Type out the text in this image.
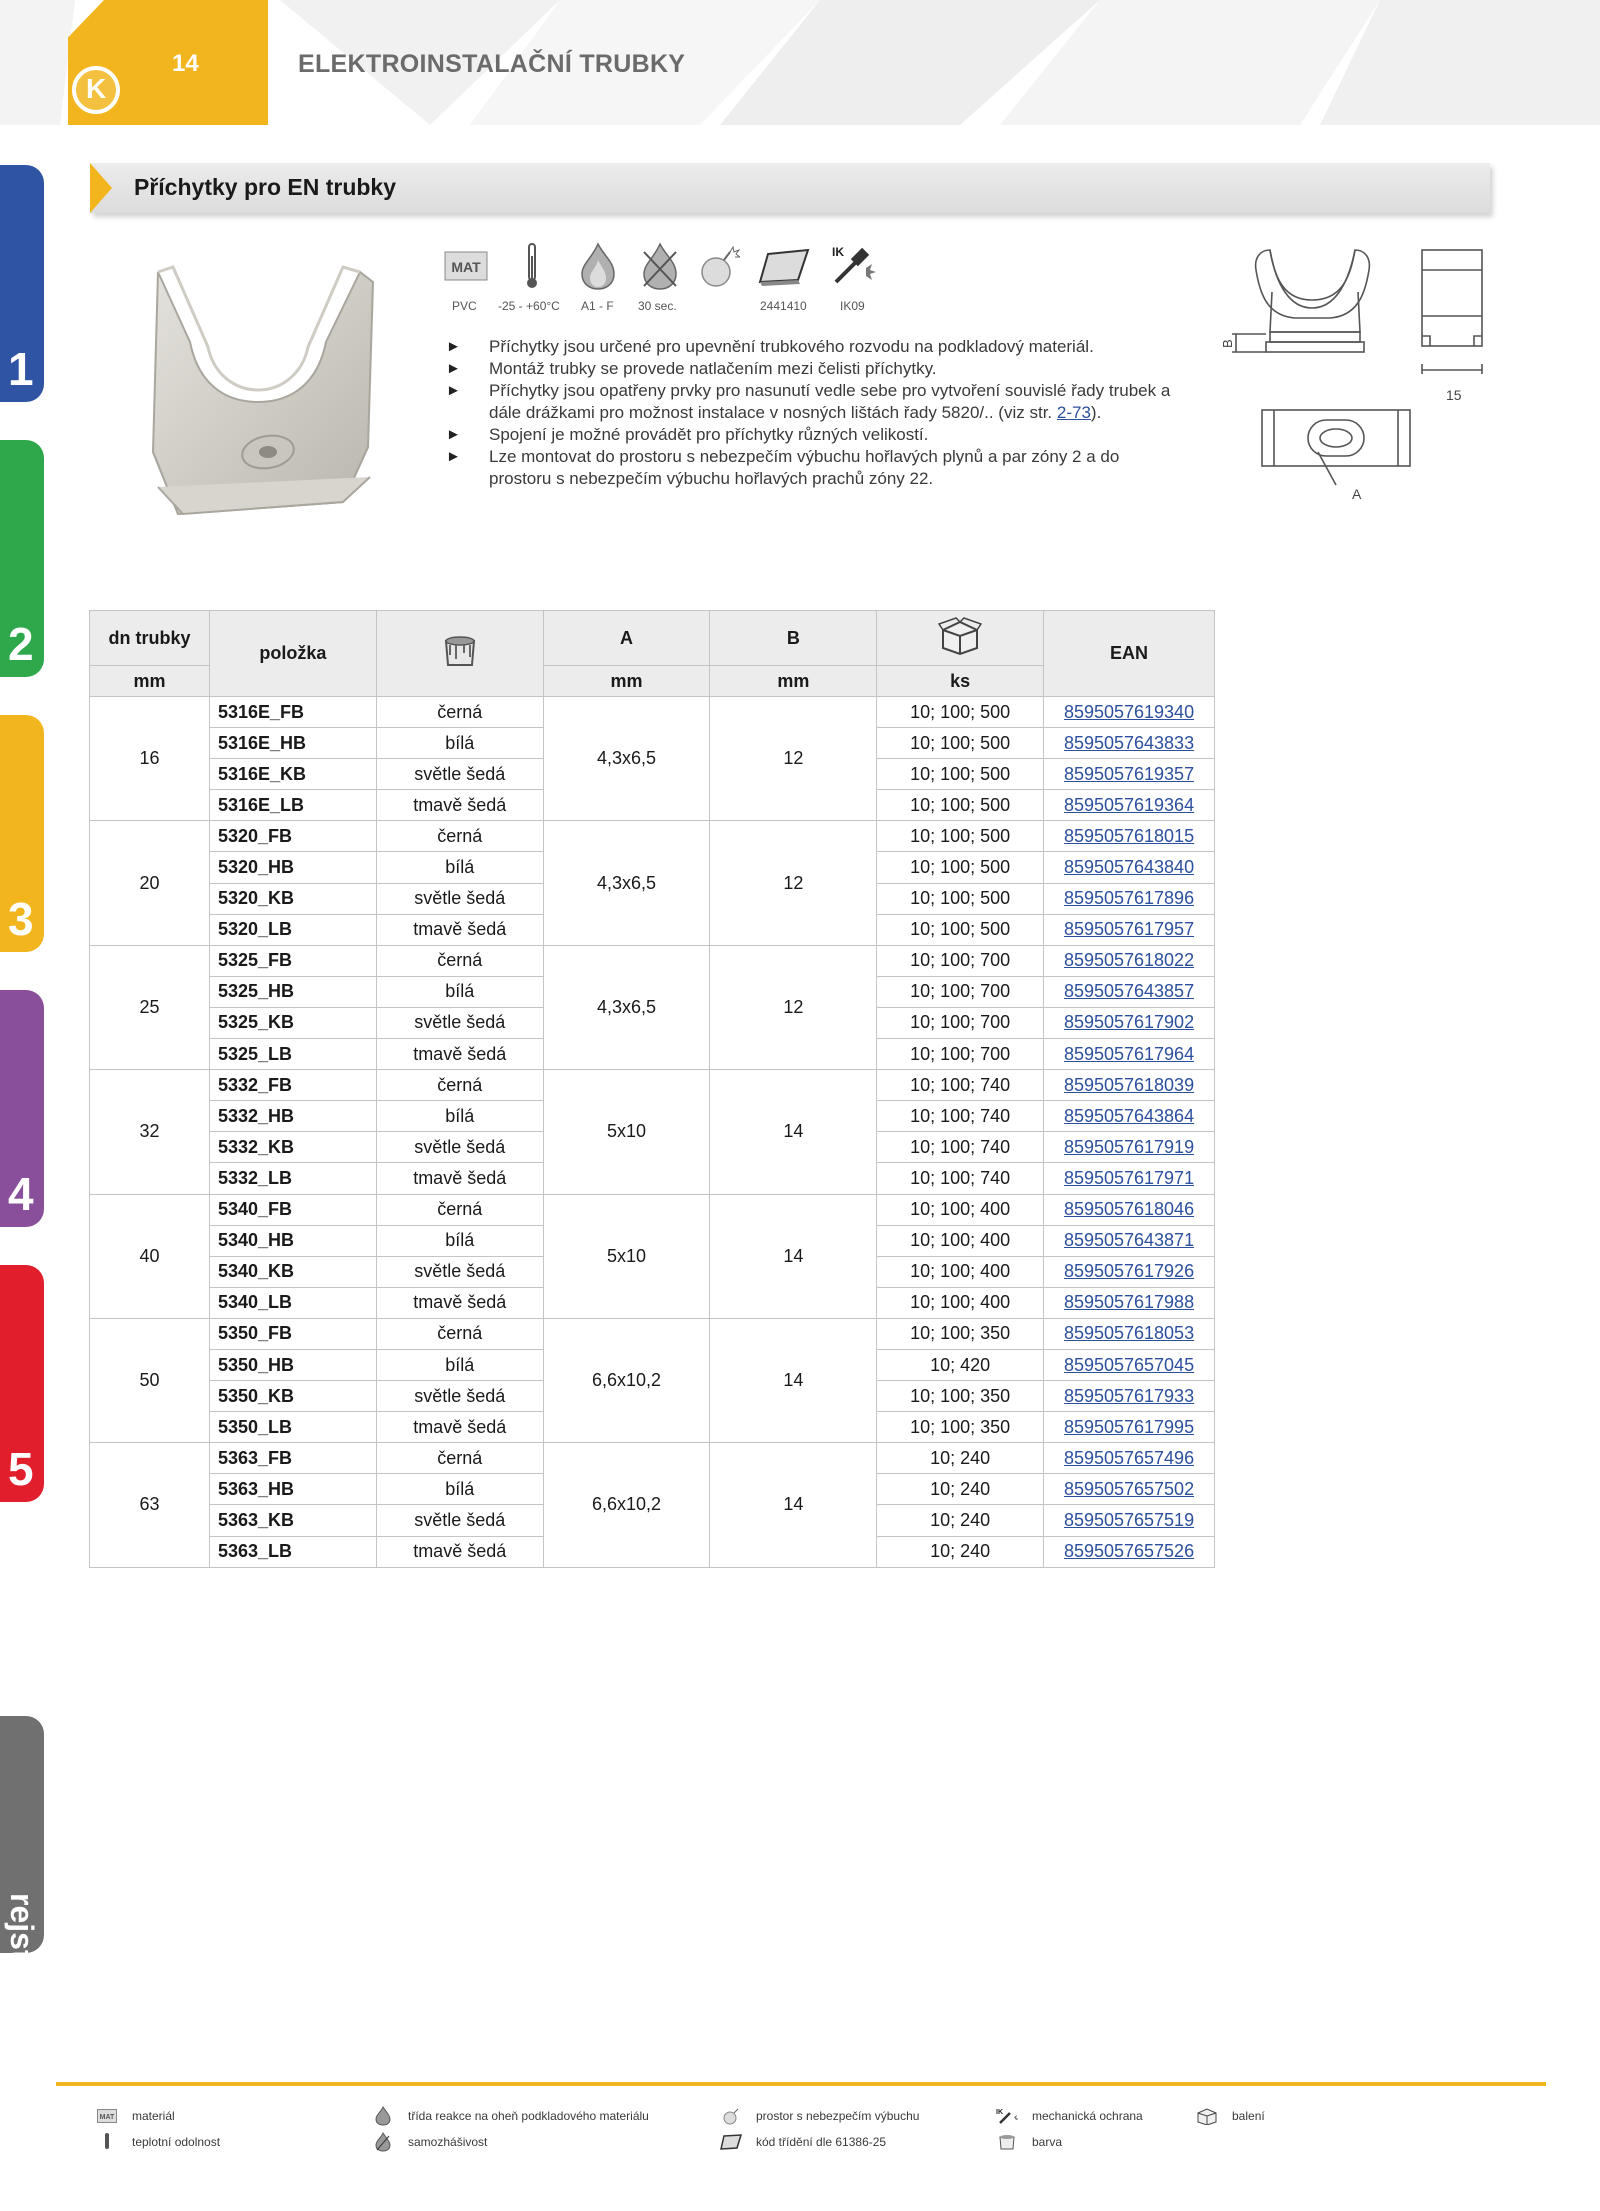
K
14	ELEKTROINSTALAČNÍ TRUBKY
1
2
3
4
5
rejstřík
Příchytky pro EN trubky
MAT
PVC -25 - +60°C A1 - F 30 sec.	2441410
IK
IK09
► Příchytky jsou určené pro upevnění trubkového rozvodu na podkladový materiál.
► Montáž trubky se provede natlačením mezi čelisti příchytky.
► Příchytky jsou opatřeny prvky pro nasunutí vedle sebe pro vytvoření souvislé řady trubek a dále drážkami pro možnost instalace v nosných lištách řady 5820/.. (viz str. 2-73).
► Spojení je možné provádět pro příchytky různých velikostí.
► Lze montovat do prostoru s nebezpečím výbuchu hořlavých plynů a par zóny 2 a do prostoru s nebezpečím výbuchu hořlavých prachů zóny 22.
B
15
A
dn trubky	položka		A	B		EAN
mm			mm	mm	ks	
16	5316E_FB	černá	4,3x6,5	12	10; 100; 500	8595057619340
	5316E_HB	bílá			10; 100; 500	8595057643833
	5316E_KB	světle šedá			10; 100; 500	8595057619357
	5316E_LB	tmavě šedá			10; 100; 500	8595057619364
20	5320_FB	černá	4,3x6,5	12	10; 100; 500	8595057618015
	5320_HB	bílá			10; 100; 500	8595057643840
	5320_KB	světle šedá			10; 100; 500	8595057617896
	5320_LB	tmavě šedá			10; 100; 500	8595057617957
25	5325_FB	černá	4,3x6,5	12	10; 100; 700	8595057618022
	5325_HB	bílá			10; 100; 700	8595057643857
	5325_KB	světle šedá			10; 100; 700	8595057617902
	5325_LB	tmavě šedá			10; 100; 700	8595057617964
32	5332_FB	černá	5x10	14	10; 100; 740	8595057618039
	5332_HB	bílá			10; 100; 740	8595057643864
	5332_KB	světle šedá			10; 100; 740	8595057617919
	5332_LB	tmavě šedá			10; 100; 740	8595057617971
40	5340_FB	černá	5x10	14	10; 100; 400	8595057618046
	5340_HB	bílá			10; 100; 400	8595057643871
	5340_KB	světle šedá			10; 100; 400	8595057617926
	5340_LB	tmavě šedá			10; 100; 400	8595057617988
50	5350_FB	černá	6,6x10,2	14	10; 100; 350	8595057618053
	5350_HB	bílá			10; 420	8595057657045
	5350_KB	světle šedá			10; 100; 350	8595057617933
	5350_LB	tmavě šedá			10; 100; 350	8595057617995
63	5363_FB	černá	6,6x10,2	14	10; 240	8595057657496
	5363_HB	bílá			10; 240	8595057657502
	5363_KB	světle šedá			10; 240	8595057657519
	5363_LB	tmavě šedá			10; 240	8595057657526
MAT materiál
teplotní odolnost
třída reakce na oheň podkladového materiálu
samozhášivost
prostor s nebezpečím výbuchu
kód třídění dle 61386-25
IK mechanická ochrana
barva
balení
